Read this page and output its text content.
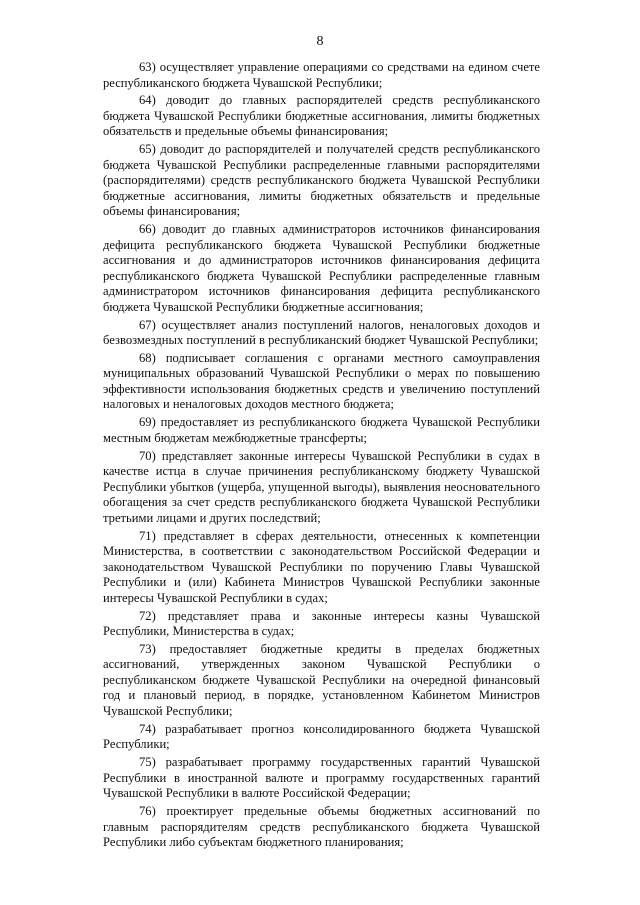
8

63) осуществляет управление операциями со средствами на едином счете республиканского бюджета Чувашской Республики;

64) доводит до главных распорядителей средств республиканского бюджета Чувашской Республики бюджетные ассигнования, лимиты бюджетных обязательств и предельные объемы финансирования;

65) доводит до распорядителей и получателей средств республиканского бюджета Чувашской Республики распределенные главными распорядителями (распорядителями) средств республиканского бюджета Чувашской Республики бюджетные ассигнования, лимиты бюджетных обязательств и предельные объемы финансирования;

66) доводит до главных администраторов источников финансирования дефицита республиканского бюджета Чувашской Республики бюджетные ассигнования и до администраторов источников финансирования дефицита республиканского бюджета Чувашской Республики распределенные главным администратором источников финансирования дефицита республиканского бюджета Чувашской Республики бюджетные ассигнования;

67) осуществляет анализ поступлений налогов, неналоговых доходов и безвозмездных поступлений в республиканский бюджет Чувашской Республики;

68) подписывает соглашения с органами местного самоуправления муниципальных образований Чувашской Республики о мерах по повышению эффективности использования бюджетных средств и увеличению поступлений налоговых и неналоговых доходов местного бюджета;

69) предоставляет из республиканского бюджета Чувашской Республики местным бюджетам межбюджетные трансферты;

70) представляет законные интересы Чувашской Республики в судах в качестве истца в случае причинения республиканскому бюджету Чувашской Республики убытков (ущерба, упущенной выгоды), выявления неосновательного обогащения за счет средств республиканского бюджета Чувашской Республики третьими лицами и других последствий;

71) представляет в сферах деятельности, отнесенных к компетенции Министерства, в соответствии с законодательством Российской Федерации и законодательством Чувашской Республики по поручению Главы Чувашской Республики и (или) Кабинета Министров Чувашской Республики законные интересы Чувашской Республики в судах;

72) представляет права и законные интересы казны Чувашской Республики, Министерства в судах;

73) предоставляет бюджетные кредиты в пределах бюджетных ассигнований, утвержденных законом Чувашской Республики о республиканском бюджете Чувашской Республики на очередной финансовый год и плановый период, в порядке, установленном Кабинетом Министров Чувашской Республики;

74) разрабатывает прогноз консолидированного бюджета Чувашской Республики;

75) разрабатывает программу государственных гарантий Чувашской Республики в иностранной валюте и программу государственных гарантий Чувашской Республики в валюте Российской Федерации;

76) проектирует предельные объемы бюджетных ассигнований по главным распорядителям средств республиканского бюджета Чувашской Республики либо субъектам бюджетного планирования;
